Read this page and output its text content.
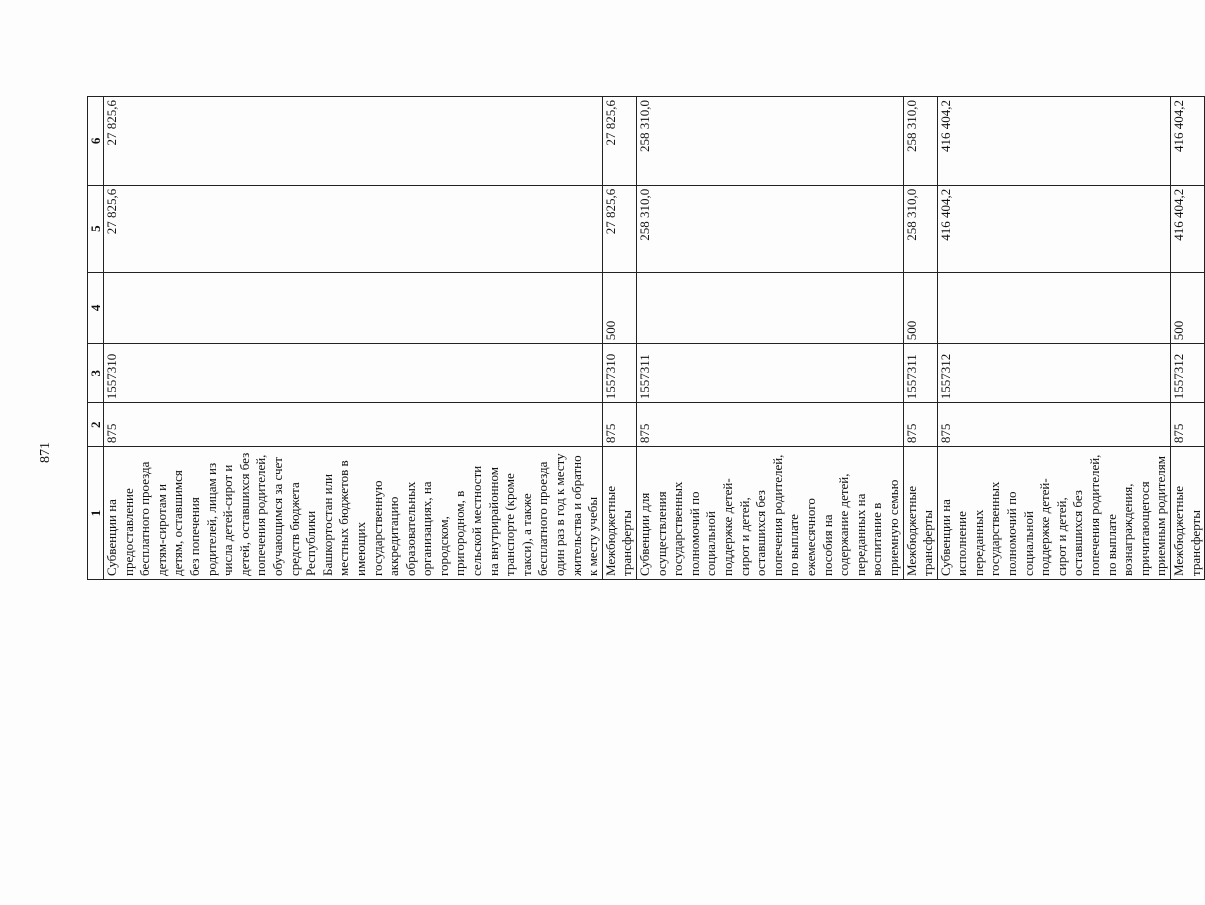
871
1	2	3	4	5	6
Субвенции на предоставление бесплатного проезда детям-сиротам и детям, оставшимся без попечения родителей, лицам из числа детей-сирот и детей, оставшихся без попечения родителей, обучающимся за счет средств бюджета Республики Башкортостан или местных бюджетов в имеющих государственную аккредитацию образовательных организациях, на городском, пригородном, в сельской местности на внутрирайонном транспорте (кроме такси), а также бесплатного проезда один раз в год к месту жительства и обратно к месту учебы	875	1557310		27 825,6	27 825,6
Межбюджетные трансферты	875	1557310	500	27 825,6	27 825,6
Субвенции для осуществления государственных полномочий по социальной поддержке детей-сирот и детей, оставшихся без попечения родителей, по выплате ежемесячного пособия на содержание детей, переданных на воспитание в приемную семью	875	1557311		258 310,0	258 310,0
Межбюджетные трансферты	875	1557311	500	258 310,0	258 310,0
Субвенции на исполнение переданных государственных полномочий по социальной поддержке детей-сирот и детей, оставшихся без попечения родителей, по выплате вознаграждения, причитающегося приемным родителям	875	1557312		416 404,2	416 404,2
Межбюджетные трансферты	875	1557312	500	416 404,2	416 404,2
